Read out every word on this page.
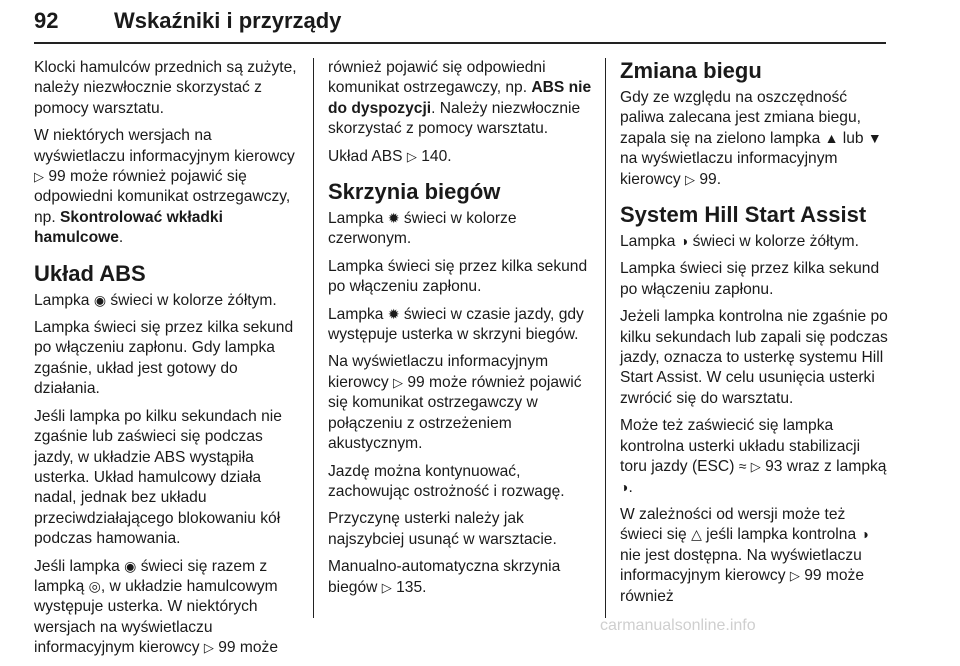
92	Wskaźniki i przyrządy

Klocki hamulców przednich są zużyte, należy niezwłocznie skorzystać z pomocy warsztatu.

W niektórych wersjach na wyświetlaczu informacyjnym kierowcy ▷ 99 może również pojawić się odpowiedni komunikat ostrzegawczy, np. Skontrolować wkładki hamulcowe.

Układ ABS

Lampka ◉ świeci w kolorze żółtym.

Lampka świeci się przez kilka sekund po włączeniu zapłonu. Gdy lampka zgaśnie, układ jest gotowy do działania.

Jeśli lampka po kilku sekundach nie zgaśnie lub zaświeci się podczas jazdy, w układzie ABS wystąpiła usterka. Układ hamulcowy działa nadal, jednak bez układu przeciwdziałającego blokowaniu kół podczas hamowania.

Jeśli lampka ◉ świeci się razem z lampką ◎, w układzie hamulcowym występuje usterka. W niektórych wersjach na wyświetlaczu informacyjnym kierowcy ▷ 99 może

również pojawić się odpowiedni komunikat ostrzegawczy, np. ABS nie do dyspozycji. Należy niezwłocznie skorzystać z pomocy warsztatu.

Układ ABS ▷ 140.

Skrzynia biegów

Lampka ✹ świeci w kolorze czerwonym.

Lampka świeci się przez kilka sekund po włączeniu zapłonu.

Lampka ✹ świeci w czasie jazdy, gdy występuje usterka w skrzyni biegów.

Na wyświetlaczu informacyjnym kierowcy ▷ 99 może również pojawić się komunikat ostrzegawczy w połączeniu z ostrzeżeniem akustycznym.

Jazdę można kontynuować, zachowując ostrożność i rozwagę.

Przyczynę usterki należy jak najszybciej usunąć w warsztacie.

Manualno-automatyczna skrzynia biegów ▷ 135.

Zmiana biegu

Gdy ze względu na oszczędność paliwa zalecana jest zmiana biegu, zapala się na zielono lampka ▲ lub ▼ na wyświetlaczu informacyjnym kierowcy ▷ 99.

System Hill Start Assist

Lampka ◑ świeci w kolorze żółtym.

Lampka świeci się przez kilka sekund po włączeniu zapłonu.

Jeżeli lampka kontrolna nie zgaśnie po kilku sekundach lub zapali się podczas jazdy, oznacza to usterkę systemu Hill Start Assist. W celu usunięcia usterki zwrócić się do warsztatu.

Może też zaświecić się lampka kontrolna usterki układu stabilizacji toru jazdy (ESC) ≈ ▷ 93 wraz z lampką ◑.

W zależności od wersji może też świeci się △ jeśli lampka kontrolna ◑ nie jest dostępna. Na wyświetlaczu informacyjnym kierowcy ▷ 99 może również

carmanualsonline.info
